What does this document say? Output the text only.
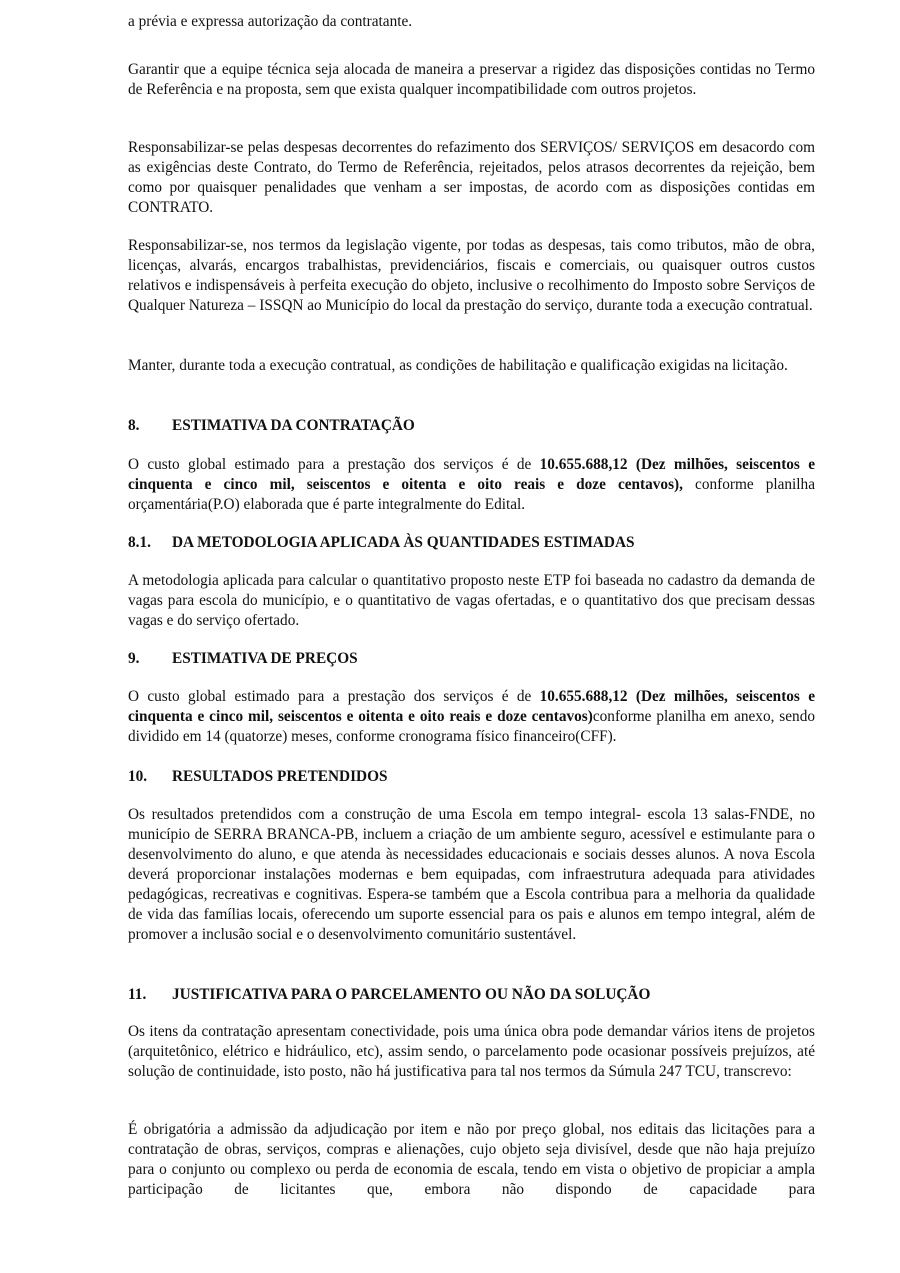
a prévia e expressa autorização da contratante.

Garantir que a equipe técnica seja alocada de maneira a preservar a rigidez das disposições contidas no Termo de Referência e na proposta, sem que exista qualquer incompatibilidade com outros projetos.

Responsabilizar-se pelas despesas decorrentes do refazimento dos SERVIÇOS/ SERVIÇOS em desacordo com as exigências deste Contrato, do Termo de Referência, rejeitados, pelos atrasos decorrentes da rejeição, bem como por quaisquer penalidades que venham a ser impostas, de acordo com as disposições contidas em CONTRATO.

Responsabilizar-se, nos termos da legislação vigente, por todas as despesas, tais como tributos, mão de obra, licenças, alvarás, encargos trabalhistas, previdenciários, fiscais e comerciais, ou quaisquer outros custos relativos e indispensáveis à perfeita execução do objeto, inclusive o recolhimento do Imposto sobre Serviços de Qualquer Natureza – ISSQN ao Município do local da prestação do serviço, durante toda a execução contratual.

Manter, durante toda a execução contratual, as condições de habilitação e qualificação exigidas na licitação.

8. ESTIMATIVA DA CONTRATAÇÃO

O custo global estimado para a prestação dos serviços é de 10.655.688,12 (Dez milhões, seiscentos e cinquenta e cinco mil, seiscentos e oitenta e oito reais e doze centavos), conforme planilha orçamentária(P.O) elaborada que é parte integralmente do Edital.

8.1. DA METODOLOGIA APLICADA ÀS QUANTIDADES ESTIMADAS

A metodologia aplicada para calcular o quantitativo proposto neste ETP foi baseada no cadastro da demanda de vagas para escola do município, e o quantitativo de vagas ofertadas, e o quantitativo dos que precisam dessas vagas e do serviço ofertado.

9. ESTIMATIVA DE PREÇOS

O custo global estimado para a prestação dos serviços é de 10.655.688,12 (Dez milhões, seiscentos e cinquenta e cinco mil, seiscentos e oitenta e oito reais e doze centavos)conforme planilha em anexo, sendo dividido em 14 (quatorze) meses, conforme cronograma físico financeiro(CFF).

10. RESULTADOS PRETENDIDOS

Os resultados pretendidos com a construção de uma Escola em tempo integral- escola 13 salas-FNDE, no município de SERRA BRANCA-PB, incluem a criação de um ambiente seguro, acessível e estimulante para o desenvolvimento do aluno, e que atenda às necessidades educacionais e sociais desses alunos. A nova Escola deverá proporcionar instalações modernas e bem equipadas, com infraestrutura adequada para atividades pedagógicas, recreativas e cognitivas. Espera-se também que a Escola contribua para a melhoria da qualidade de vida das famílias locais, oferecendo um suporte essencial para os pais e alunos em tempo integral, além de promover a inclusão social e o desenvolvimento comunitário sustentável.

11. JUSTIFICATIVA PARA O PARCELAMENTO OU NÃO DA SOLUÇÃO

Os itens da contratação apresentam conectividade, pois uma única obra pode demandar vários itens de projetos (arquitetônico, elétrico e hidráulico, etc), assim sendo, o parcelamento pode ocasionar possíveis prejuízos, até solução de continuidade, isto posto, não há justificativa para tal nos termos da Súmula 247 TCU, transcrevo:

É obrigatória a admissão da adjudicação por item e não por preço global, nos editais das licitações para a contratação de obras, serviços, compras e alienações, cujo objeto seja divisível, desde que não haja prejuízo para o conjunto ou complexo ou perda de economia de escala, tendo em vista o objetivo de propiciar a ampla participação de licitantes que, embora não dispondo de capacidade para
